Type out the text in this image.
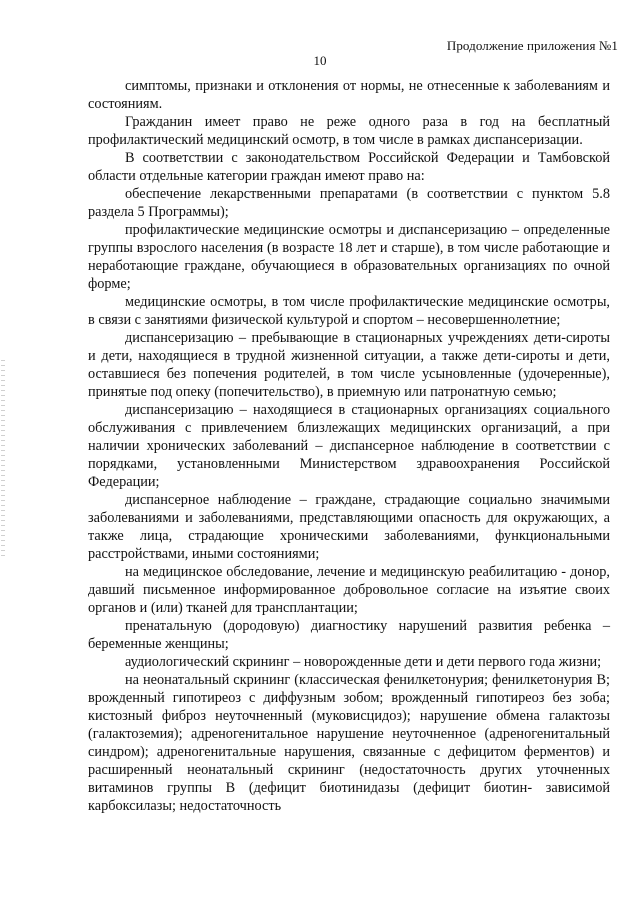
Продолжение приложения №1
10

симптомы, признаки и отклонения от нормы, не отнесенные к заболеваниям и состояниям.

Гражданин имеет право не реже одного раза в год на бесплатный профилактический медицинский осмотр, в том числе в рамках диспансеризации.

В соответствии с законодательством Российской Федерации и Тамбовской области отдельные категории граждан имеют право на:

обеспечение лекарственными препаратами (в соответствии с пунктом 5.8 раздела 5 Программы);

профилактические медицинские осмотры и диспансеризацию – определенные группы взрослого населения (в возрасте 18 лет и старше), в том числе работающие и неработающие граждане, обучающиеся в образовательных организациях по очной форме;

медицинские осмотры, в том числе профилактические медицинские осмотры, в связи с занятиями физической культурой и спортом – несовершеннолетние;

диспансеризацию – пребывающие в стационарных учреждениях дети-сироты и дети, находящиеся в трудной жизненной ситуации, а также дети-сироты и дети, оставшиеся без попечения родителей, в том числе усыновленные (удочеренные), принятые под опеку (попечительство), в приемную или патронатную семью;

диспансеризацию – находящиеся в стационарных организациях социального обслуживания с привлечением близлежащих медицинских организаций, а при наличии хронических заболеваний – диспансерное наблюдение в соответствии с порядками, установленными Министерством здравоохранения Российской Федерации;

диспансерное наблюдение – граждане, страдающие социально значимыми заболеваниями и заболеваниями, представляющими опасность для окружающих, а также лица, страдающие хроническими заболеваниями, функциональными расстройствами, иными состояниями;

на медицинское обследование, лечение и медицинскую реабилитацию - донор, давший письменное информированное добровольное согласие на изъятие своих органов и (или) тканей для трансплантации;

пренатальную (дородовую) диагностику нарушений развития ребенка – беременные женщины;

аудиологический скрининг – новорожденные дети и дети первого года жизни;

на неонатальный скрининг (классическая фенилкетонурия; фенилкетонурия В; врожденный гипотиреоз с диффузным зобом; врожденный гипотиреоз без зоба; кистозный фиброз неуточненный (муковисцидоз); нарушение обмена галактозы (галактоземия); адреногенитальное нарушение неуточненное (адреногенитальный синдром); адреногенитальные нарушения, связанные с дефицитом ферментов) и расширенный неонатальный скрининг (недостаточность других уточненных витаминов группы В (дефицит биотинидазы (дефицит биотин- зависимой карбоксилазы; недостаточность
